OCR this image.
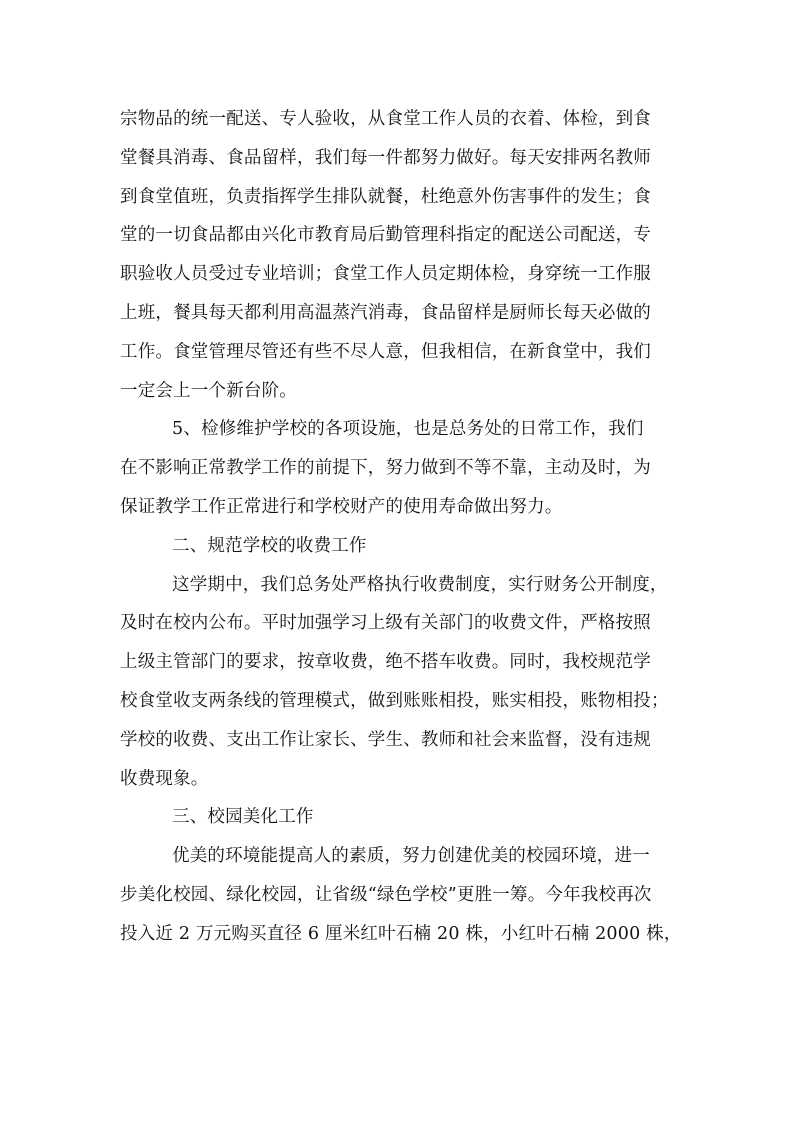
宗物品的统一配送、专人验收，从食堂工作人员的衣着、体检，到食
堂餐具消毒、食品留样，我们每一件都努力做好。每天安排两名教师
到食堂值班，负责指挥学生排队就餐，杜绝意外伤害事件的发生；食
堂的一切食品都由兴化市教育局后勤管理科指定的配送公司配送，专
职验收人员受过专业培训；食堂工作人员定期体检，身穿统一工作服
上班，餐具每天都利用高温蒸汽消毒，食品留样是厨师长每天必做的
工作。食堂管理尽管还有些不尽人意，但我相信，在新食堂中，我们
一定会上一个新台阶。
5、检修维护学校的各项设施，也是总务处的日常工作，我们
在不影响正常教学工作的前提下，努力做到不等不靠，主动及时，为
保证教学工作正常进行和学校财产的使用寿命做出努力。
二、规范学校的收费工作
这学期中，我们总务处严格执行收费制度，实行财务公开制度，
及时在校内公布。平时加强学习上级有关部门的收费文件，严格按照
上级主管部门的要求，按章收费，绝不搭车收费。同时，我校规范学
校食堂收支两条线的管理模式，做到账账相投，账实相投，账物相投；
学校的收费、支出工作让家长、学生、教师和社会来监督，没有违规
收费现象。
三、校园美化工作
优美的环境能提高人的素质，努力创建优美的校园环境，进一
步美化校园、绿化校园，让省级“绿色学校”更胜一筹。今年我校再次
投入近 2 万元购买直径 6 厘米红叶石楠 20 株，小红叶石楠 2000 株，
